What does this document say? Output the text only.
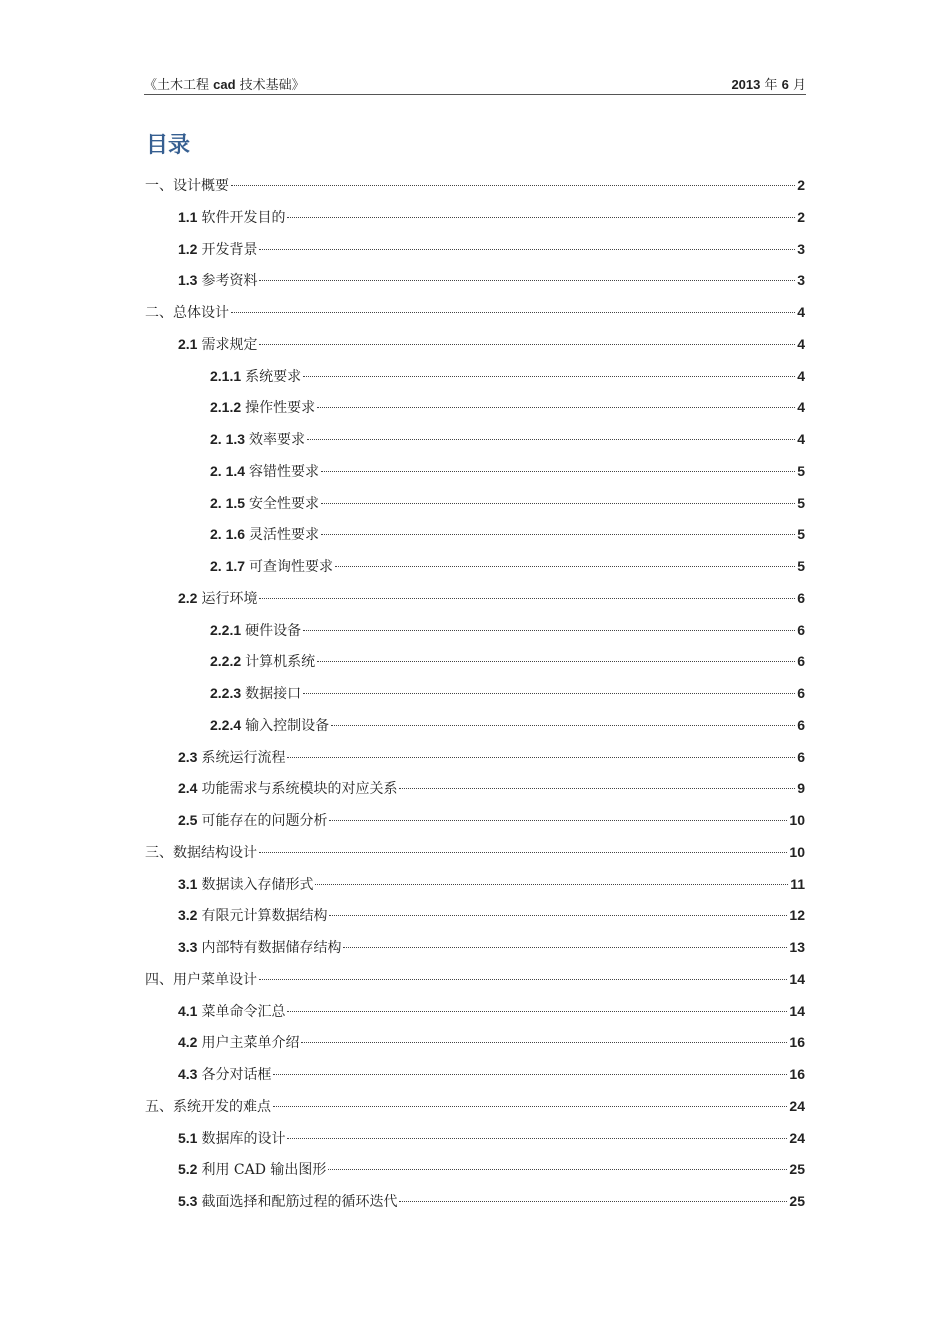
《土木工程 cad 技术基础》	2013 年 6 月
目录
一、设计概要	2
1.1 软件开发目的	2
1.2 开发背景	3
1.3 参考资料	3
二、总体设计	4
2.1 需求规定	4
2.1.1 系统要求	4
2.1.2 操作性要求	4
2. 1.3 效率要求	4
2. 1.4 容错性要求	5
2. 1.5 安全性要求	5
2. 1.6 灵活性要求	5
2. 1.7 可查询性要求	5
2.2 运行环境	6
2.2.1 硬件设备	6
2.2.2 计算机系统	6
2.2.3 数据接口	6
2.2.4 输入控制设备	6
2.3 系统运行流程	6
2.4 功能需求与系统模块的对应关系	9
2.5 可能存在的问题分析	10
三、数据结构设计	10
3.1 数据读入存储形式	11
3.2 有限元计算数据结构	12
3.3 内部特有数据储存结构	13
四、用户菜单设计	14
4.1 菜单命令汇总	14
4.2 用户主菜单介绍	16
4.3 各分对话框	16
五、系统开发的难点	24
5.1 数据库的设计	24
5.2 利用 CAD 输出图形	25
5.3 截面选择和配筋过程的循环迭代	25
